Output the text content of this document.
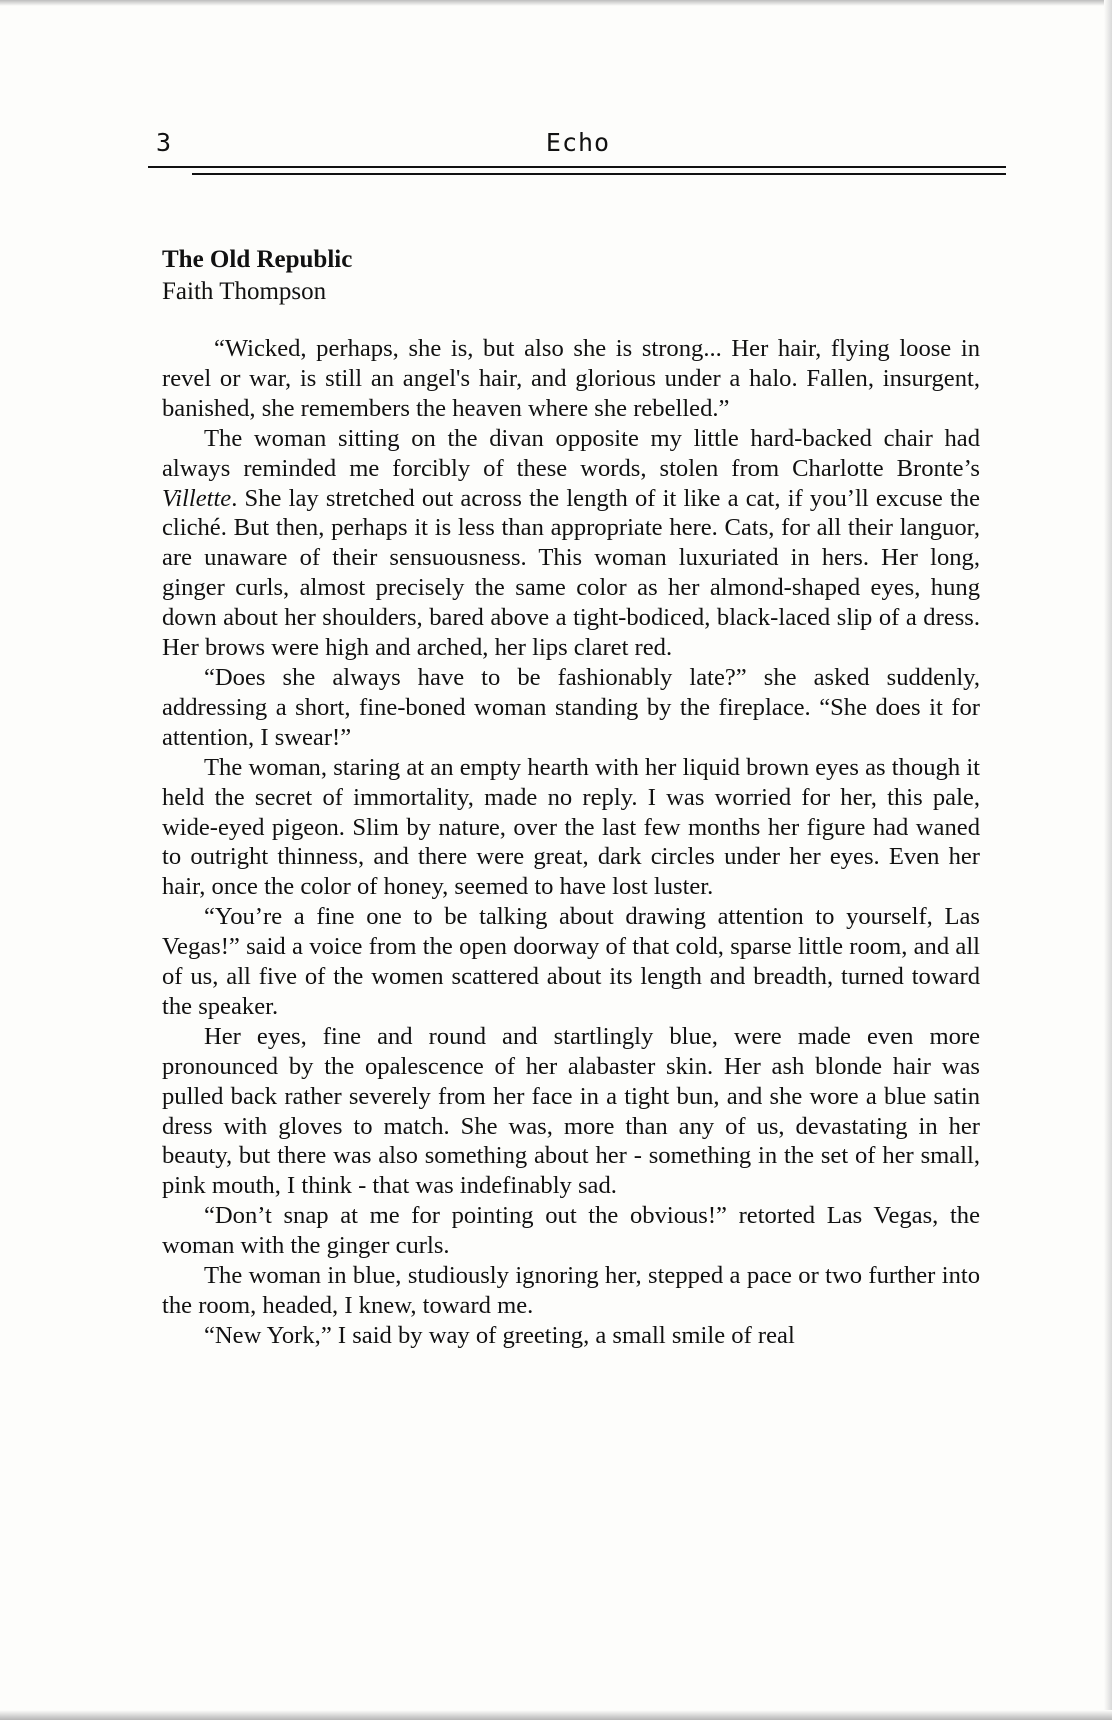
3	Echo

The Old Republic

Faith Thompson

“Wicked, perhaps, she is, but also she is strong... Her hair, flying loose in revel or war, is still an angel's hair, and glorious under a halo. Fallen, insurgent, banished, she remembers the heaven where she rebelled.”

The woman sitting on the divan opposite my little hard-backed chair had always reminded me forcibly of these words, stolen from Charlotte Bronte’s Villette. She lay stretched out across the length of it like a cat, if you’ll excuse the cliché. But then, perhaps it is less than appropriate here. Cats, for all their languor, are unaware of their sensuousness. This woman luxuriated in hers. Her long, ginger curls, almost precisely the same color as her almond-shaped eyes, hung down about her shoulders, bared above a tight-bodiced, black-laced slip of a dress. Her brows were high and arched, her lips claret red.

“Does she always have to be fashionably late?” she asked suddenly, addressing a short, fine-boned woman standing by the fireplace. “She does it for attention, I swear!”

The woman, staring at an empty hearth with her liquid brown eyes as though it held the secret of immortality, made no reply. I was worried for her, this pale, wide-eyed pigeon. Slim by nature, over the last few months her figure had waned to outright thinness, and there were great, dark circles under her eyes. Even her hair, once the color of honey, seemed to have lost luster.

“You’re a fine one to be talking about drawing attention to yourself, Las Vegas!” said a voice from the open doorway of that cold, sparse little room, and all of us, all five of the women scattered about its length and breadth, turned toward the speaker.

Her eyes, fine and round and startlingly blue, were made even more pronounced by the opalescence of her alabaster skin. Her ash blonde hair was pulled back rather severely from her face in a tight bun, and she wore a blue satin dress with gloves to match. She was, more than any of us, devastating in her beauty, but there was also something about her - something in the set of her small, pink mouth, I think - that was indefinably sad.

“Don’t snap at me for pointing out the obvious!” retorted Las Vegas, the woman with the ginger curls.

The woman in blue, studiously ignoring her, stepped a pace or two further into the room, headed, I knew, toward me.

“New York,” I said by way of greeting, a small smile of real
